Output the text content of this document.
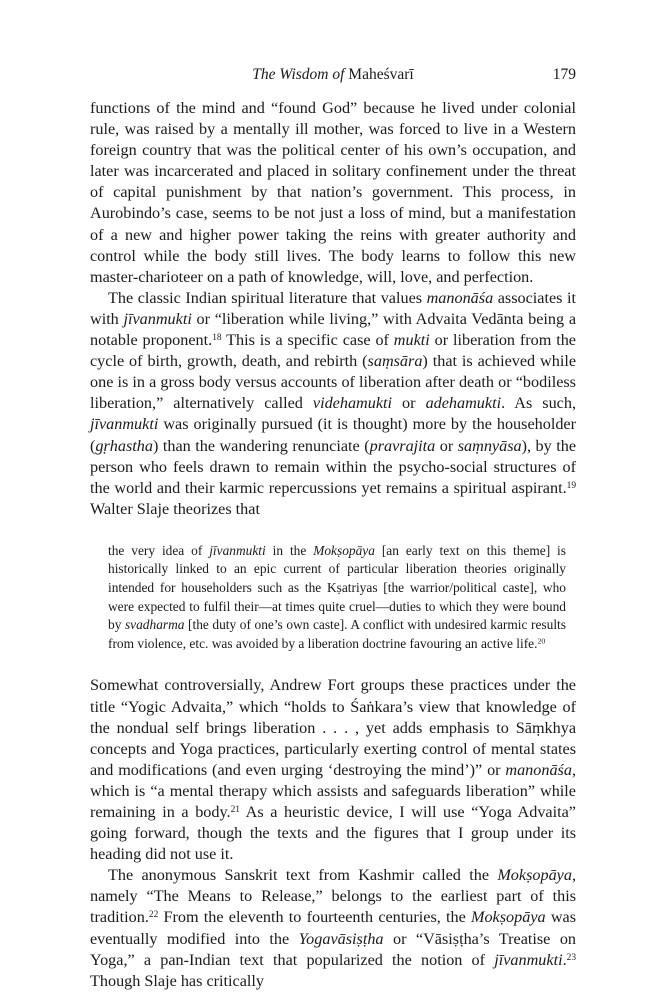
The Wisdom of Maheśvarī	179

functions of the mind and “found God” because he lived under colonial rule, was raised by a mentally ill mother, was forced to live in a Western foreign country that was the political center of his own’s occupation, and later was incarcerated and placed in solitary confinement under the threat of capital punishment by that nation’s government. This process, in Aurobindo’s case, seems to be not just a loss of mind, but a manifestation of a new and higher power taking the reins with greater authority and control while the body still lives. The body learns to follow this new master-charioteer on a path of knowledge, will, love, and perfection.

The classic Indian spiritual literature that values manonāśa associates it with jīvanmukti or “liberation while living,” with Advaita Vedānta being a notable proponent.$^{18}$ This is a specific case of mukti or liberation from the cycle of birth, growth, death, and rebirth (saṃsāra) that is achieved while one is in a gross body versus accounts of liberation after death or “bodiless liberation,” alternatively called videhamukti or adehamukti. As such, jīvanmukti was originally pursued (it is thought) more by the householder (gṛhastha) than the wandering renunciate (pravrajita or saṃnyāsa), by the person who feels drawn to remain within the psycho-social structures of the world and their karmic repercussions yet remains a spiritual aspirant.$^{19}$ Walter Slaje theorizes that

the very idea of jīvanmukti in the Mokṣopāya [an early text on this theme] is historically linked to an epic current of particular liberation theories originally intended for householders such as the Kṣatriyas [the warrior/political caste], who were expected to fulfil their—at times quite cruel—duties to which they were bound by svadharma [the duty of one’s own caste]. A conflict with undesired karmic results from violence, etc. was avoided by a liberation doctrine favouring an active life.$^{20}$

Somewhat controversially, Andrew Fort groups these practices under the title “Yogic Advaita,” which “holds to Śaṅkara’s view that knowledge of the nondual self brings liberation . . . , yet adds emphasis to Sāṃkhya concepts and Yoga practices, particularly exerting control of mental states and modifications (and even urging ‘destroying the mind’)” or manonāśa, which is “a mental therapy which assists and safeguards liberation” while remaining in a body.$^{21}$ As a heuristic device, I will use “Yoga Advaita” going forward, though the texts and the figures that I group under its heading did not use it.

The anonymous Sanskrit text from Kashmir called the Mokṣopāya, namely “The Means to Release,” belongs to the earliest part of this tradition.$^{22}$ From the eleventh to fourteenth centuries, the Mokṣopāya was eventually modified into the Yogavāsiṣṭha or “Vāsiṣṭha’s Treatise on Yoga,” a pan-Indian text that popularized the notion of jīvanmukti.$^{23}$ Though Slaje has critically
